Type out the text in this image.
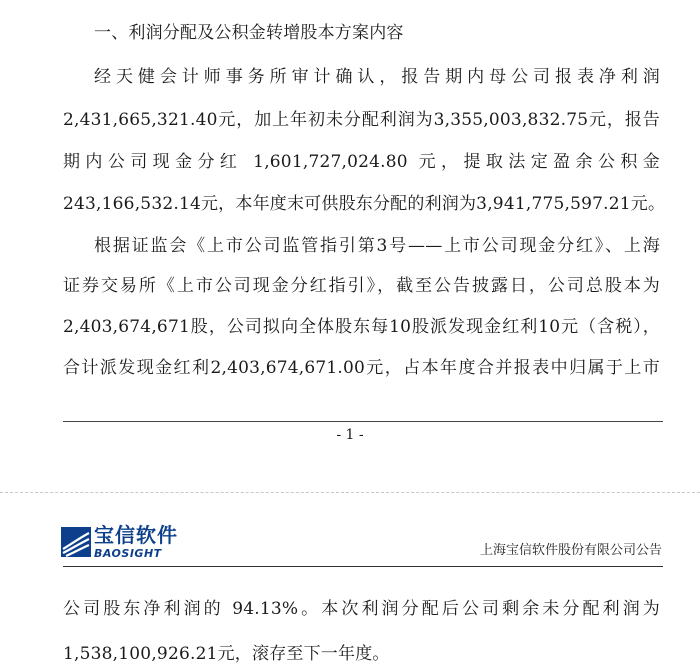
一、利润分配及公积金转增股本方案内容
经天健会计师事务所审计确认，报告期内母公司报表净利润
2,431,665,321.40元，加上年初未分配利润为3,355,003,832.75元，报告
期内公司现金分红 1,601,727,024.80 元，提取法定盈余公积金
243,166,532.14元，本年度末可供股东分配的利润为3,941,775,597.21元。
根据证监会《上市公司监管指引第3号——上市公司现金分红》、上海
证券交易所《上市公司现金分红指引》，截至公告披露日，公司总股本为
2,403,674,671股，公司拟向全体股东每10股派发现金红利10元（含税），
合计派发现金红利2,403,674,671.00元，占本年度合并报表中归属于上市
- 1 -
宝信软件
BAOSIGHT	上海宝信软件股份有限公司公告
公司股东净利润的 94.13%。本次利润分配后公司剩余未分配利润为
1,538,100,926.21元，滚存至下一年度。
